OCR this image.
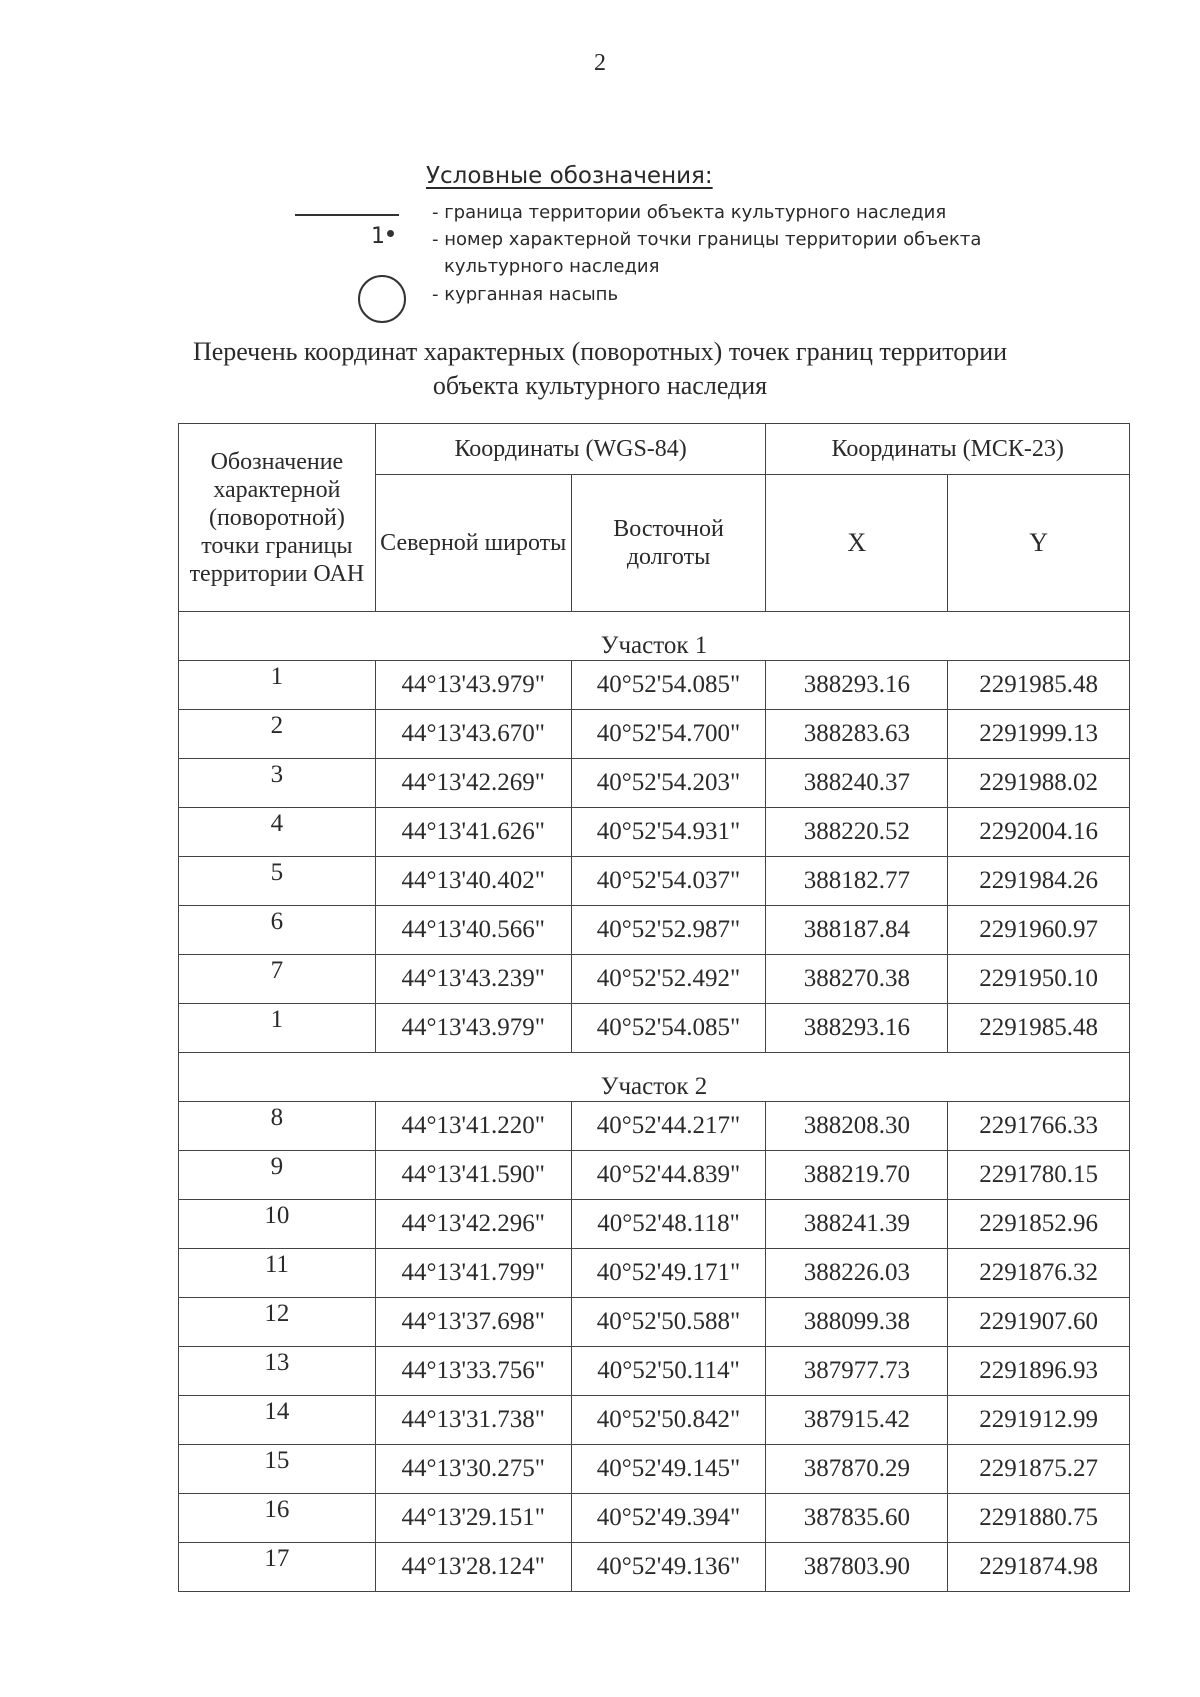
2
Условные обозначения:
- граница территории объекта культурного наследия
1	- номер характерной точки границы территории объекта
культурного наследия
- курганная насыпь
Перечень координат характерных (поворотных) точек границ территории
объекта культурного наследия
Обозначение характерной (поворотной) точки границы территории ОАН	Координаты (WGS-84)		Координаты (МСК-23)	
	Северной широты	Восточной долготы	X	Y
Участок 1				
1	44°13'43.979"	40°52'54.085"	388293.16	2291985.48
2	44°13'43.670"	40°52'54.700"	388283.63	2291999.13
3	44°13'42.269"	40°52'54.203"	388240.37	2291988.02
4	44°13'41.626"	40°52'54.931"	388220.52	2292004.16
5	44°13'40.402"	40°52'54.037"	388182.77	2291984.26
6	44°13'40.566"	40°52'52.987"	388187.84	2291960.97
7	44°13'43.239"	40°52'52.492"	388270.38	2291950.10
1	44°13'43.979"	40°52'54.085"	388293.16	2291985.48
Участок 2				
8	44°13'41.220"	40°52'44.217"	388208.30	2291766.33
9	44°13'41.590"	40°52'44.839"	388219.70	2291780.15
10	44°13'42.296"	40°52'48.118"	388241.39	2291852.96
11	44°13'41.799"	40°52'49.171"	388226.03	2291876.32
12	44°13'37.698"	40°52'50.588"	388099.38	2291907.60
13	44°13'33.756"	40°52'50.114"	387977.73	2291896.93
14	44°13'31.738"	40°52'50.842"	387915.42	2291912.99
15	44°13'30.275"	40°52'49.145"	387870.29	2291875.27
16	44°13'29.151"	40°52'49.394"	387835.60	2291880.75
17	44°13'28.124"	40°52'49.136"	387803.90	2291874.98
